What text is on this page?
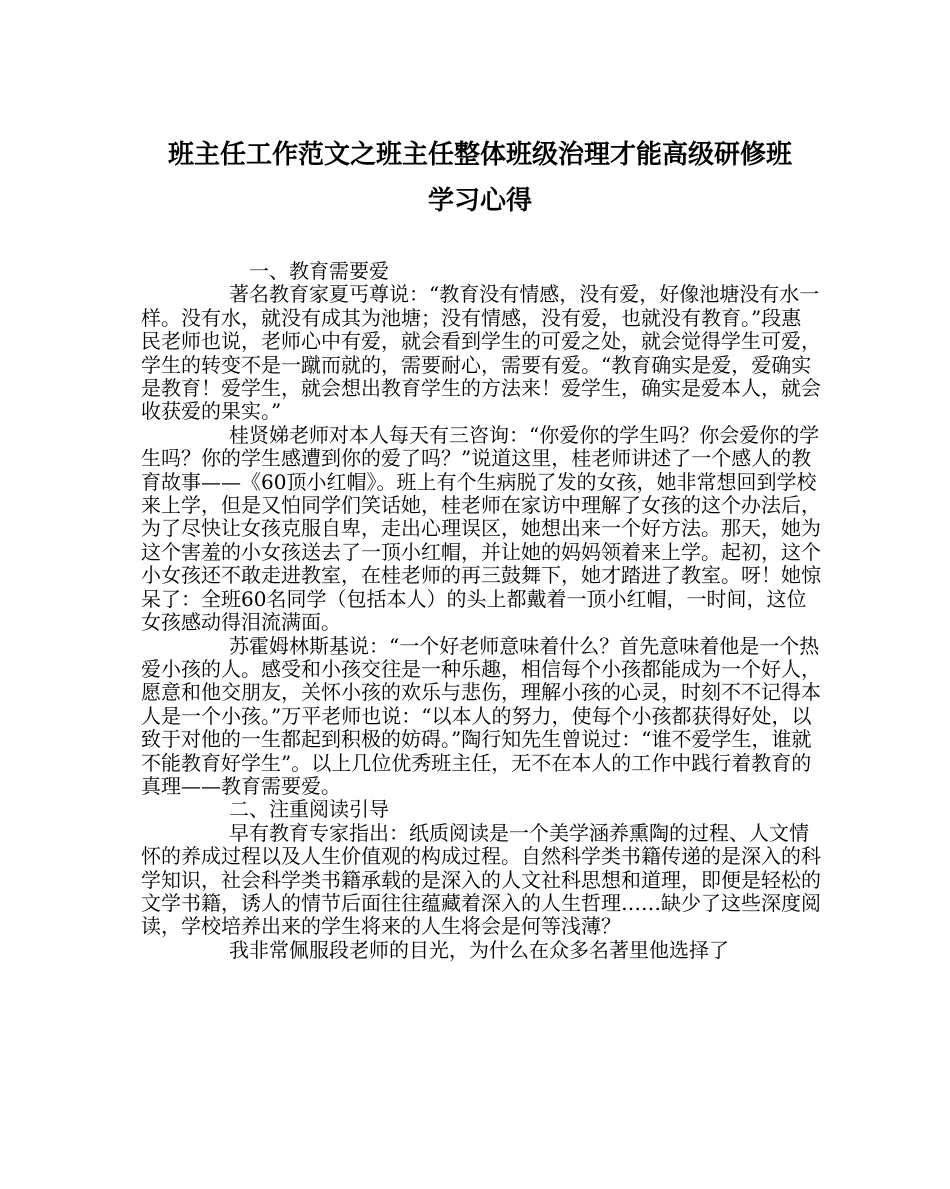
班主任工作范文之班主任整体班级治理才能高级研修班
学习心得

一、教育需要爱

著名教育家夏丐尊说：“教育没有情感，没有爱，好像池塘没有水一样。没有水，就没有成其为池塘；没有情感，没有爱，也就没有教育。”段惠民老师也说，老师心中有爱，就会看到学生的可爱之处，就会觉得学生可爱，学生的转变不是一蹴而就的，需要耐心，需要有爱。“教育确实是爱，爱确实是教育！爱学生，就会想出教育学生的方法来！爱学生，确实是爱本人，就会收获爱的果实。”

桂贤娣老师对本人每天有三咨询：“你爱你的学生吗？你会爱你的学生吗？你的学生感遭到你的爱了吗？”说道这里，桂老师讲述了一个感人的教育故事——《60顶小红帽》。班上有个生病脱了发的女孩，她非常想回到学校来上学，但是又怕同学们笑话她，桂老师在家访中理解了女孩的这个办法后，为了尽快让女孩克服自卑，走出心理误区，她想出来一个好方法。那天，她为这个害羞的小女孩送去了一顶小红帽，并让她的妈妈领着来上学。起初，这个小女孩还不敢走进教室，在桂老师的再三鼓舞下，她才踏进了教室。呀！她惊呆了：全班60名同学（包括本人）的头上都戴着一顶小红帽，一时间，这位女孩感动得泪流满面。

苏霍姆林斯基说：“一个好老师意味着什么？首先意味着他是一个热爱小孩的人。感受和小孩交往是一种乐趣，相信每个小孩都能成为一个好人，愿意和他交朋友，关怀小孩的欢乐与悲伤，理解小孩的心灵，时刻不不记得本人是一个小孩。”万平老师也说：“以本人的努力，使每个小孩都获得好处，以致于对他的一生都起到积极的妨碍。”陶行知先生曾说过：“谁不爱学生，谁就不能教育好学生”。以上几位优秀班主任，无不在本人的工作中践行着教育的真理——教育需要爱。

二、注重阅读引导

早有教育专家指出：纸质阅读是一个美学涵养熏陶的过程、人文情怀的养成过程以及人生价值观的构成过程。自然科学类书籍传递的是深入的科学知识，社会科学类书籍承载的是深入的人文社科思想和道理，即便是轻松的文学书籍，诱人的情节后面往往蕴藏着深入的人生哲理……缺少了这些深度阅读，学校培养出来的学生将来的人生将会是何等浅薄？

我非常佩服段老师的目光，为什么在众多名著里他选择了
